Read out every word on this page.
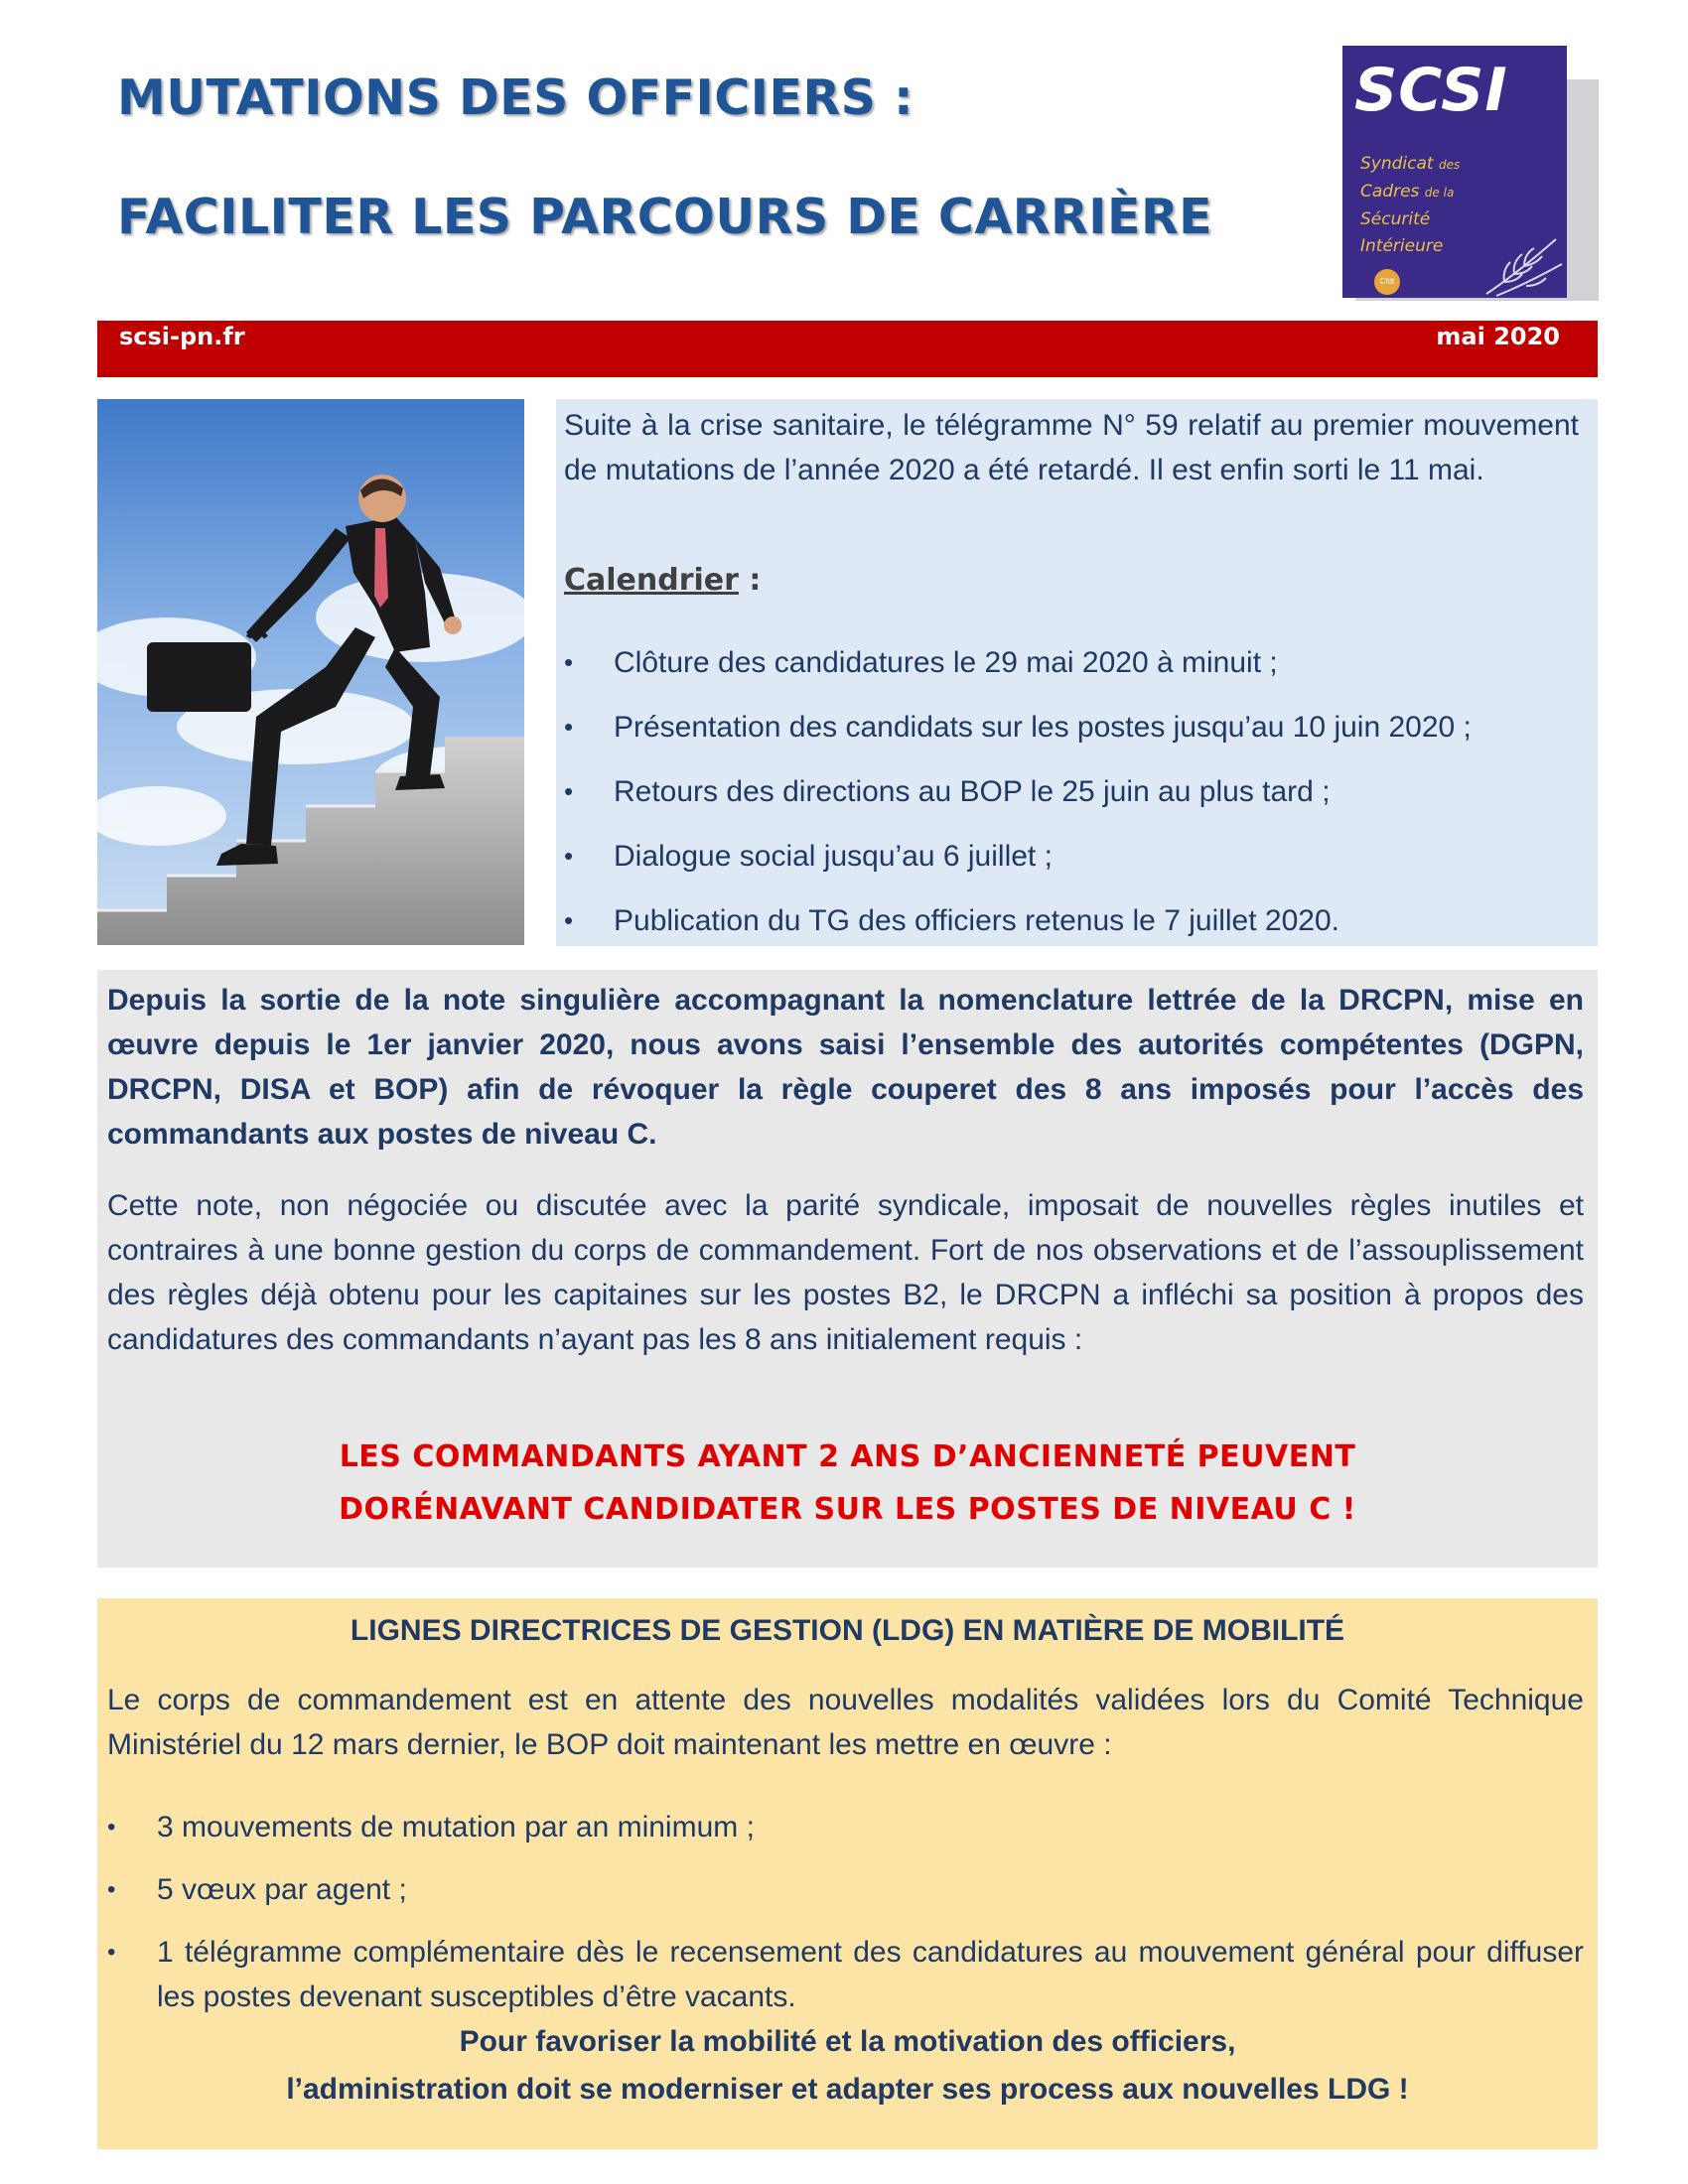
MUTATIONS DES OFFICIERS :
FACILITER LES PARCOURS DE CARRIÈRE
SCSI
Syndicat des
Cadres de la
Sécurité
Intérieure
Cfdt
scsi-pn.fr	mai 2020
Suite à la crise sanitaire, le télégramme N° 59 relatif au premier mouvement de mutations de l’année 2020 a été retardé. Il est enfin sorti le 11 mai.
Calendrier :
• Clôture des candidatures le 29 mai 2020 à minuit ;
• Présentation des candidats sur les postes jusqu’au 10 juin 2020 ;
• Retours des directions au BOP le 25 juin au plus tard ;
• Dialogue social jusqu’au 6 juillet ;
• Publication du TG des officiers retenus le 7 juillet 2020.
Depuis la sortie de la note singulière accompagnant la nomenclature lettrée de la DRCPN, mise en œuvre depuis le 1er janvier 2020, nous avons saisi l’ensemble des autorités compétentes (DGPN, DRCPN, DISA et BOP) afin de révoquer la règle couperet des 8 ans imposés pour l’accès des commandants aux postes de niveau C.
Cette note, non négociée ou discutée avec la parité syndicale, imposait de nouvelles règles inutiles et contraires à une bonne gestion du corps de commandement. Fort de nos observations et de l’assouplissement des règles déjà obtenu pour les capitaines sur les postes B2, le DRCPN a infléchi sa position à propos des candidatures des commandants n’ayant pas les 8 ans initialement requis :
LES COMMANDANTS AYANT 2 ANS D’ANCIENNETÉ PEUVENT
DORÉNAVANT CANDIDATER SUR LES POSTES DE NIVEAU C !
LIGNES DIRECTRICES DE GESTION (LDG) EN MATIÈRE DE MOBILITÉ
Le corps de commandement est en attente des nouvelles modalités validées lors du Comité Technique Ministériel du 12 mars dernier, le BOP doit maintenant les mettre en œuvre :
• 3 mouvements de mutation par an minimum ;
• 5 vœux par agent ;
• 1 télégramme complémentaire dès le recensement des candidatures au mouvement général pour diffuser les postes devenant susceptibles d’être vacants.
Pour favoriser la mobilité et la motivation des officiers,
l’administration doit se moderniser et adapter ses process aux nouvelles LDG !
